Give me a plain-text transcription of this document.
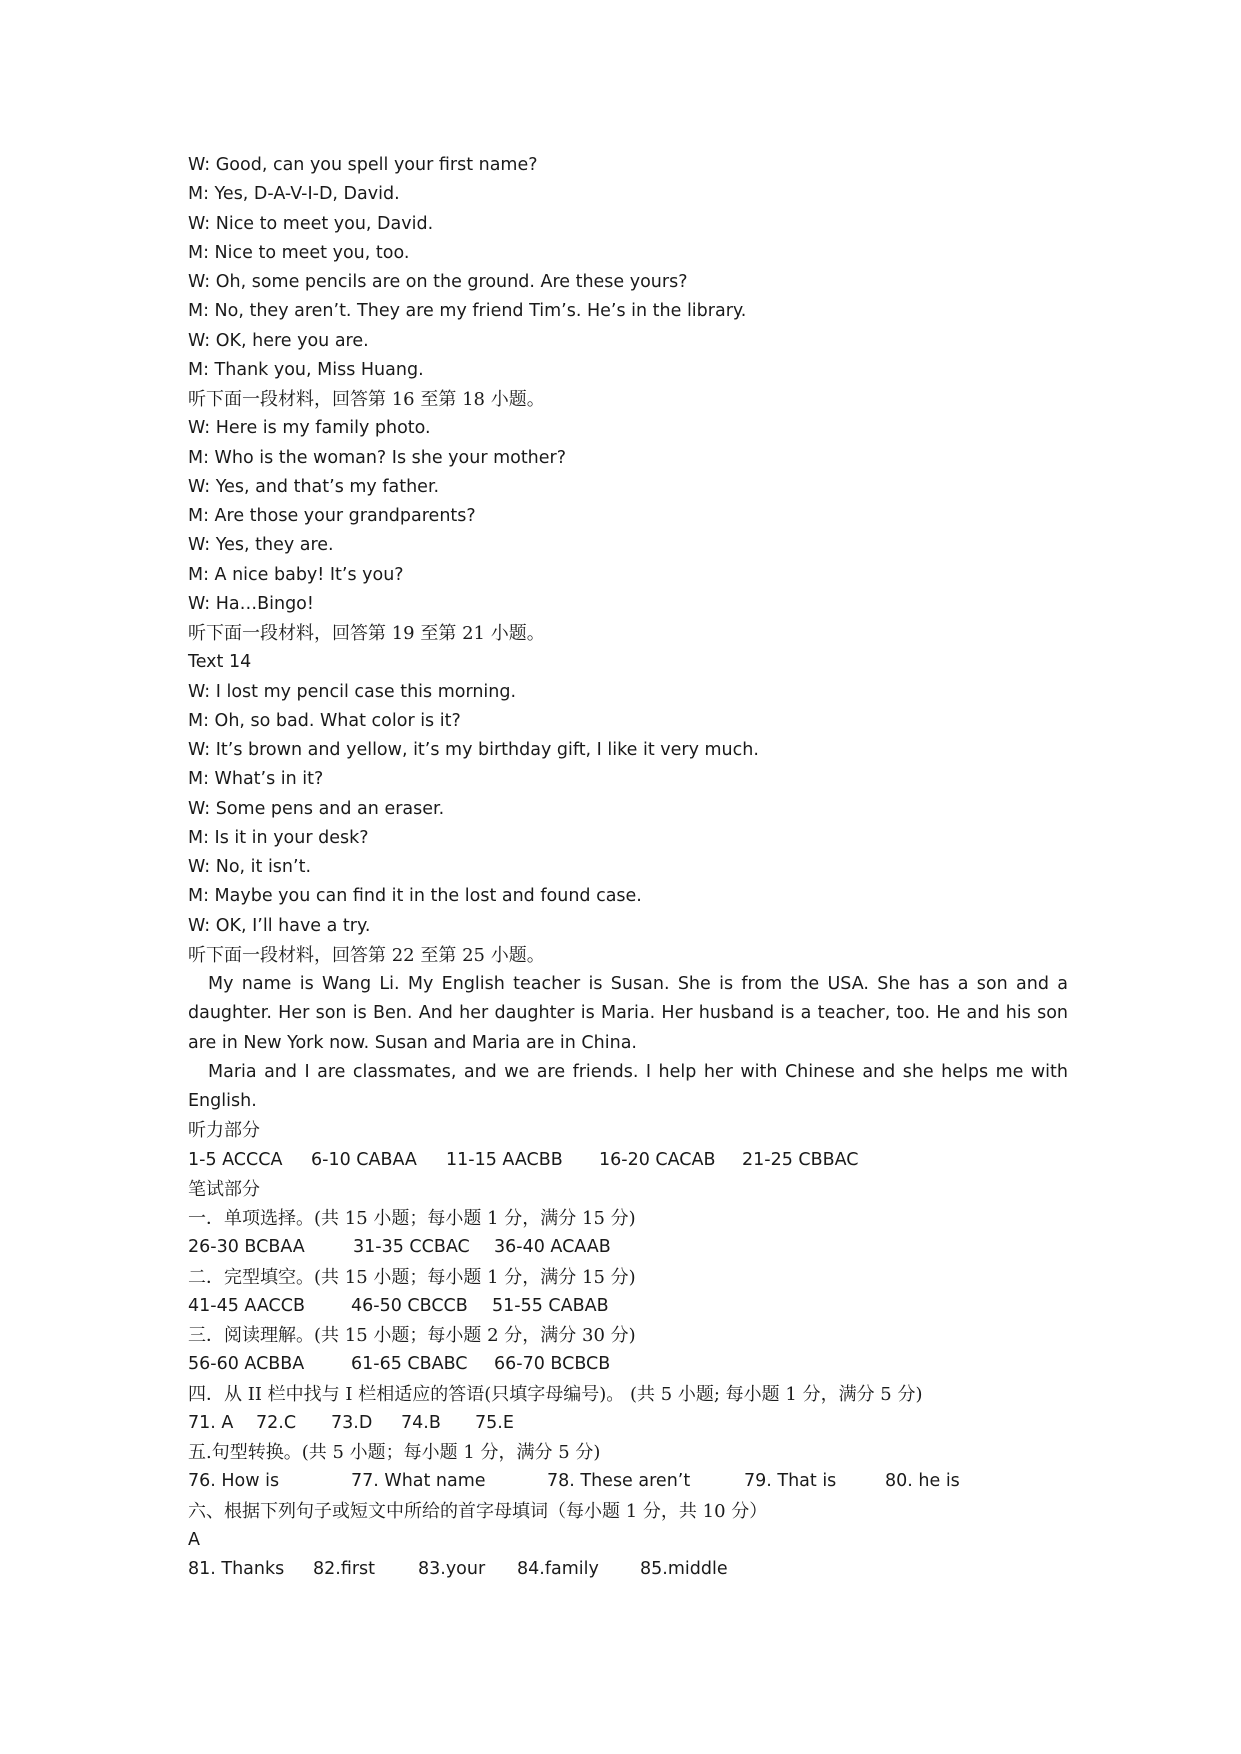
W: Good, can you spell your first name?
M: Yes, D-A-V-I-D, David.
W: Nice to meet you, David.
M: Nice to meet you, too.
W: Oh, some pencils are on the ground. Are these yours?
M: No, they aren’t. They are my friend Tim’s. He’s in the library.
W: OK, here you are.
M: Thank you, Miss Huang.
听下面一段材料，回答第 16 至第 18 小题。
W: Here is my family photo.
M: Who is the woman? Is she your mother?
W: Yes, and that’s my father.
M: Are those your grandparents?
W: Yes, they are.
M: A nice baby! It’s you?
W: Ha…Bingo!
听下面一段材料，回答第 19 至第 21 小题。
Text 14
W: I lost my pencil case this morning.
M: Oh, so bad. What color is it?
W: It’s brown and yellow, it’s my birthday gift, I like it very much.
M: What’s in it?
W: Some pens and an eraser.
M: Is it in your desk?
W: No, it isn’t.
M: Maybe you can find it in the lost and found case.
W: OK, I’ll have a try.
听下面一段材料，回答第 22 至第 25 小题。

My name is Wang Li. My English teacher is Susan. She is from the USA. She has a son and a daughter. Her son is Ben. And her daughter is Maria. Her husband is a teacher, too. He and his son are in New York now. Susan and Maria are in China.

Maria and I are classmates, and we are friends. I help her with Chinese and she helps me with English.

听力部分
1-5 ACCCA 6-10 CABAA 11-15 AACBB 16-20 CACAB 21-25 CBBAC
笔试部分
一．单项选择。(共 15 小题；每小题 1 分，满分 15 分)
26-30 BCBAA	31-35 CCBAC 36-40 ACAAB
二．完型填空。(共 15 小题；每小题 1 分，满分 15 分)
41-45 AACCB	46-50 CBCCB 51-55 CABAB
三．阅读理解。(共 15 小题；每小题 2 分，满分 30 分)
56-60 ACBBA	61-65 CBABC 66-70 BCBCB
四．从 II 栏中找与 I 栏相适应的答语(只填字母编号)。 (共 5 小题; 每小题 1 分，满分 5 分)
71. A 72.C 73.D 74.B 75.E
五.句型转换。(共 5 小题；每小题 1 分，满分 5 分)
76. How is	77. What name	78. These aren’t	79. That is	80. he is
六、根据下列句子或短文中所给的首字母填词（每小题 1 分，共 10 分）
A
81. Thanks 82.first 83.your 84.family 85.middle
